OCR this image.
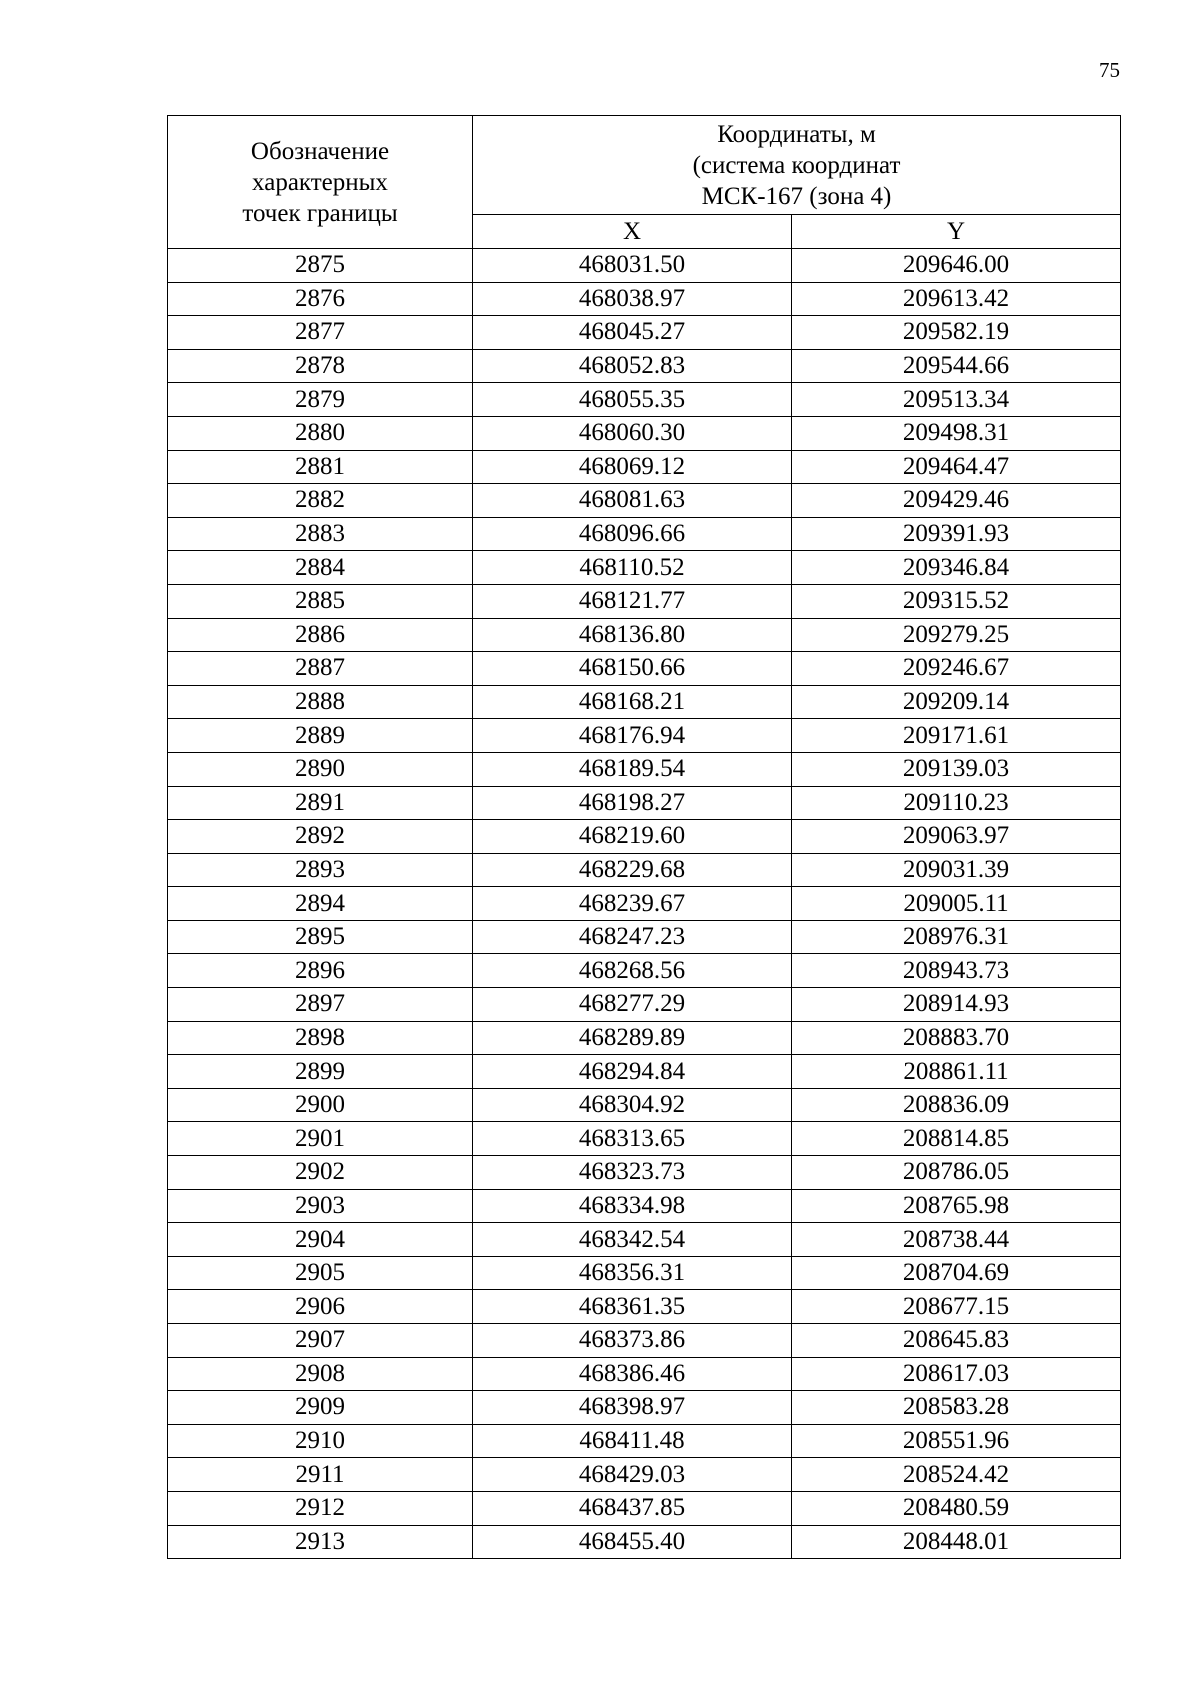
75
Обозначение
характерных
точек границы	Координаты, м
(система координат
МСК-167 (зона 4)	

	X	Y
2875	468031.50	209646.00
2876	468038.97	209613.42
2877	468045.27	209582.19
2878	468052.83	209544.66
2879	468055.35	209513.34
2880	468060.30	209498.31
2881	468069.12	209464.47
2882	468081.63	209429.46
2883	468096.66	209391.93
2884	468110.52	209346.84
2885	468121.77	209315.52
2886	468136.80	209279.25
2887	468150.66	209246.67
2888	468168.21	209209.14
2889	468176.94	209171.61
2890	468189.54	209139.03
2891	468198.27	209110.23
2892	468219.60	209063.97
2893	468229.68	209031.39
2894	468239.67	209005.11
2895	468247.23	208976.31
2896	468268.56	208943.73
2897	468277.29	208914.93
2898	468289.89	208883.70
2899	468294.84	208861.11
2900	468304.92	208836.09
2901	468313.65	208814.85
2902	468323.73	208786.05
2903	468334.98	208765.98
2904	468342.54	208738.44
2905	468356.31	208704.69
2906	468361.35	208677.15
2907	468373.86	208645.83
2908	468386.46	208617.03
2909	468398.97	208583.28
2910	468411.48	208551.96
2911	468429.03	208524.42
2912	468437.85	208480.59
2913	468455.40	208448.01
